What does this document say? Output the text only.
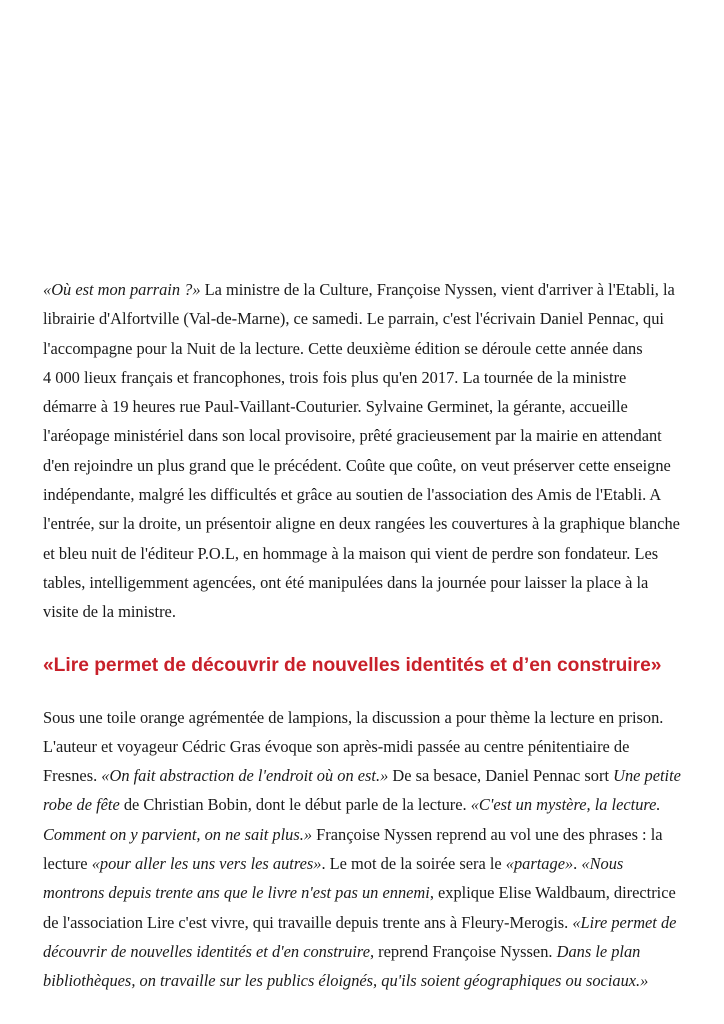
«Où est mon parrain ?» La ministre de la Culture, Françoise Nyssen, vient d'arriver à l'Etabli, la
librairie d'Alfortville (Val-de-Marne), ce samedi. Le parrain, c'est l'écrivain Daniel Pennac, qui
l'accompagne pour la Nuit de la lecture. Cette deuxième édition se déroule cette année dans
4 000 lieux français et francophones, trois fois plus qu'en 2017. La tournée de la ministre
démarre à 19 heures rue Paul-Vaillant-Couturier. Sylvaine Germinet, la gérante, accueille
l'aréopage ministériel dans son local provisoire, prêté gracieusement par la mairie en attendant
d'en rejoindre un plus grand que le précédent. Coûte que coûte, on veut préserver cette enseigne
indépendante, malgré les difficultés et grâce au soutien de l'association des Amis de l'Etabli. A
l'entrée, sur la droite, un présentoir aligne en deux rangées les couvertures à la graphique blanche
et bleu nuit de l'éditeur P.O.L, en hommage à la maison qui vient de perdre son fondateur. Les
tables, intelligemment agencées, ont été manipulées dans la journée pour laisser la place à la
visite de la ministre.

«Lire permet de découvrir de nouvelles identités et d’en construire»

Sous une toile orange agrémentée de lampions, la discussion a pour thème la lecture en prison.
L'auteur et voyageur Cédric Gras évoque son après-midi passée au centre pénitentiaire de
Fresnes. «On fait abstraction de l'endroit où on est.» De sa besace, Daniel Pennac sort Une petite
robe de fête de Christian Bobin, dont le début parle de la lecture. «C'est un mystère, la lecture.
Comment on y parvient, on ne sait plus.» Françoise Nyssen reprend au vol une des phrases : la
lecture «pour aller les uns vers les autres». Le mot de la soirée sera le «partage». «Nous
montrons depuis trente ans que le livre n'est pas un ennemi, explique Elise Waldbaum, directrice
de l'association Lire c'est vivre, qui travaille depuis trente ans à Fleury-Merogis. «Lire permet de
découvrir de nouvelles identités et d'en construire, reprend Françoise Nyssen. Dans le plan
bibliothèques, on travaille sur les publics éloignés, qu'ils soient géographiques ou sociaux.»
